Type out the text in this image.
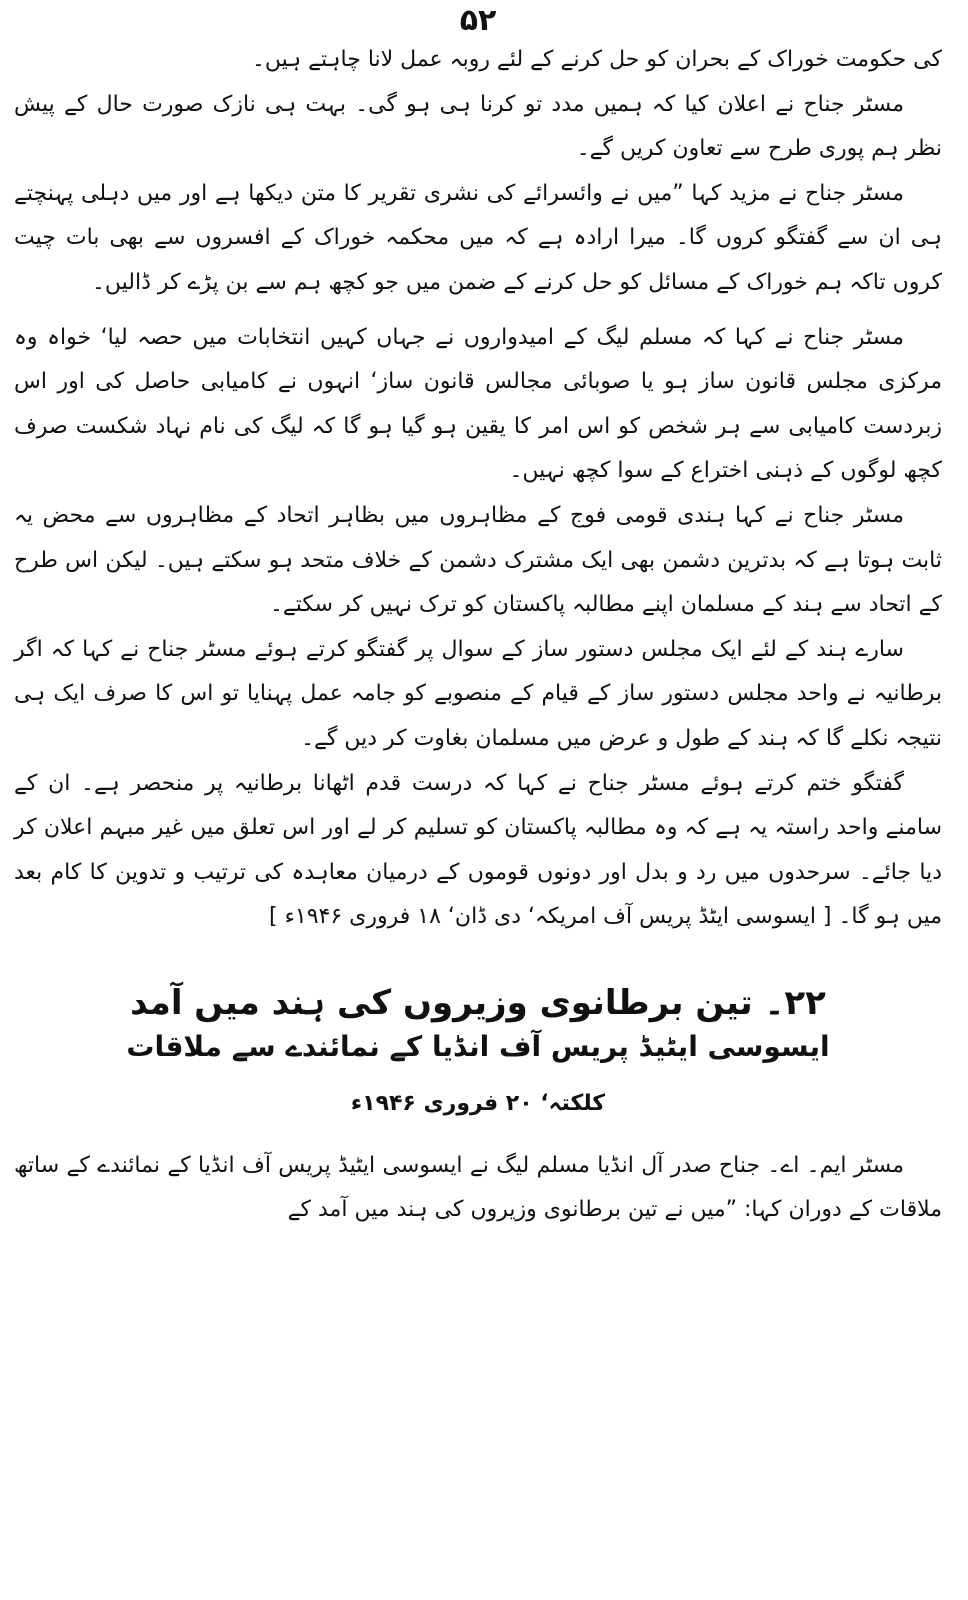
۵۲

کی حکومت خوراک کے بحران کو حل کرنے کے لئے روبہ عمل لانا چاہتے ہیں۔

مسٹر جناح نے اعلان کیا کہ ہمیں مدد تو کرنا ہی ہو گی۔ بہت ہی نازک صورت حال کے پیش نظر ہم پوری طرح سے تعاون کریں گے۔

مسٹر جناح نے مزید کہا ”میں نے وائسرائے کی نشری تقریر کا متن دیکھا ہے اور میں دہلی پہنچتے ہی ان سے گفتگو کروں گا۔ میرا ارادہ ہے کہ میں محکمہ خوراک کے افسروں سے بھی بات چیت کروں تاکہ ہم خوراک کے مسائل کو حل کرنے کے ضمن میں جو کچھ ہم سے بن پڑے کر ڈالیں۔

مسٹر جناح نے کہا کہ مسلم لیگ کے امیدواروں نے جہاں کہیں انتخابات میں حصہ لیا‘ خواہ وہ مرکزی مجلس قانون ساز ہو یا صوبائی مجالس قانون ساز‘ انہوں نے کامیابی حاصل کی اور اس زبردست کامیابی سے ہر شخص کو اس امر کا یقین ہو گیا ہو گا کہ لیگ کی نام نہاد شکست صرف کچھ لوگوں کے ذہنی اختراع کے سوا کچھ نہیں۔

مسٹر جناح نے کہا ہندی قومی فوج کے مظاہروں میں بظاہر اتحاد کے مظاہروں سے محض یہ ثابت ہوتا ہے کہ بدترین دشمن بھی ایک مشترک دشمن کے خلاف متحد ہو سکتے ہیں۔ لیکن اس طرح کے اتحاد سے ہند کے مسلمان اپنے مطالبہ پاکستان کو ترک نہیں کر سکتے۔

سارے ہند کے لئے ایک مجلس دستور ساز کے سوال پر گفتگو کرتے ہوئے مسٹر جناح نے کہا کہ اگر برطانیہ نے واحد مجلس دستور ساز کے قیام کے منصوبے کو جامہ عمل پہنایا تو اس کا صرف ایک ہی نتیجہ نکلے گا کہ ہند کے طول و عرض میں مسلمان بغاوت کر دیں گے۔

گفتگو ختم کرتے ہوئے مسٹر جناح نے کہا کہ درست قدم اٹھانا برطانیہ پر منحصر ہے۔ ان کے سامنے واحد راستہ یہ ہے کہ وہ مطالبہ پاکستان کو تسلیم کر لے اور اس تعلق میں غیر مبہم اعلان کر دیا جائے۔ سرحدوں میں رد و بدل اور دونوں قوموں کے درمیان معاہدہ کی ترتیب و تدوین کا کام بعد میں ہو گا۔ [ ایسوسی ایٹڈ پریس آف امریکہ‘ دی ڈان‘ ۱۸ فروری ۱۹۴۶ء ]

۲۲۔ تین برطانوی وزیروں کی ہند میں آمد
ایسوسی ایٹیڈ پریس آف انڈیا کے نمائندے سے ملاقات
کلکتہ‘ ۲۰ فروری ۱۹۴۶ء

مسٹر ایم۔ اے۔ جناح صدر آل انڈیا مسلم لیگ نے ایسوسی ایٹیڈ پریس آف انڈیا کے نمائندے کے ساتھ ملاقات کے دوران کہا: ”میں نے تین برطانوی وزیروں کی ہند میں آمد کے
